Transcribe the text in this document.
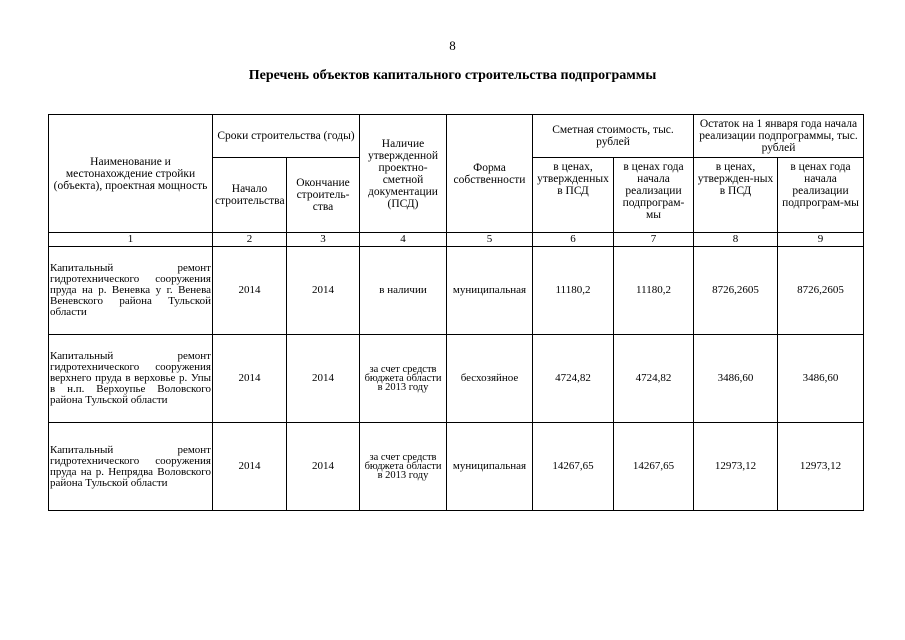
8
Перечень объектов капитального строительства подпрограммы
Наименование и местонахождение стройки (объекта), проектная мощность	Сроки строительства (годы)		Наличие утвержденной проектно-сметной документации (ПСД)	Форма собственности	Сметная стоимость, тыс. рублей		Остаток на 1 января года начала реализации подпрограммы, тыс. рублей	
	Начало строительства	Окончание строитель-ства			в ценах, утвержденных в ПСД	в ценах года начала реализации подпрограм-мы	в ценах, утвержден-ных в ПСД	в ценах года начала реализации подпрограм-мы
1	2	3	4	5	6	7	8	9
Капитальный ремонт гидротехнического сооружения пруда на р. Веневка у г. Венева Веневского района Тульской области	2014	2014	в наличии	муниципальная	11180,2	11180,2	8726,2605	8726,2605
Капитальный ремонт гидротехнического сооружения верхнего пруда в верховье р. Упы в н.п. Верхоупье Воловского района Тульской области	2014	2014	за счет средств бюджета области в 2013 году	бесхозяйное	4724,82	4724,82	3486,60	3486,60
Капитальный ремонт гидротехнического сооружения пруда на р. Непрядва Воловского района Тульской области	2014	2014	за счет средств бюджета области в 2013 году	муниципальная	14267,65	14267,65	12973,12	12973,12
